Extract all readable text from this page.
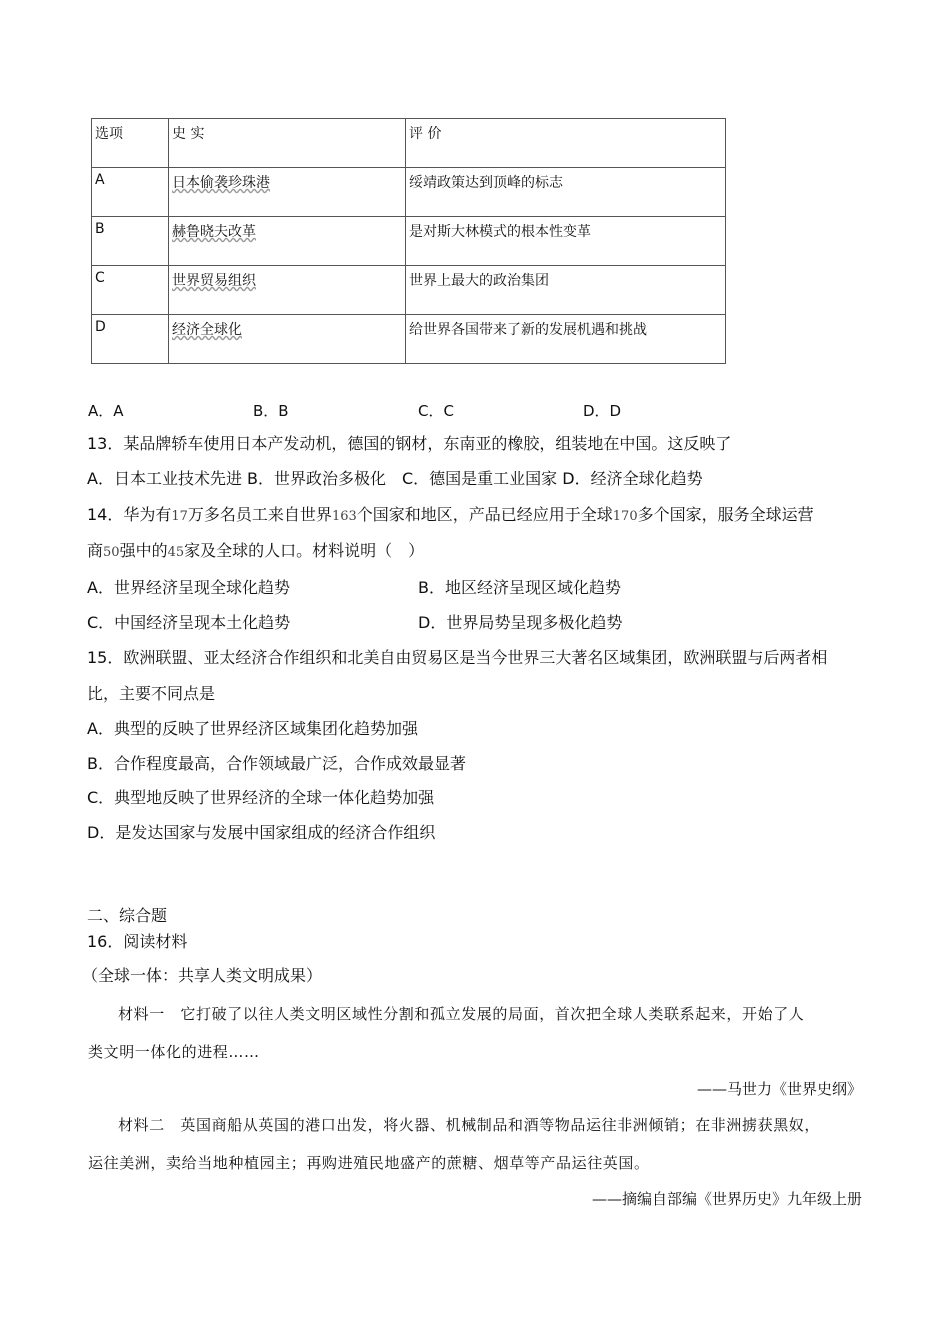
选项	史 实	评 价
A	日本偷袭珍珠港	绥靖政策达到顶峰的标志
B	赫鲁晓夫改革	是对斯大林模式的根本性变革
C	世界贸易组织	世界上最大的政治集团
D	经济全球化	给世界各国带来了新的发展机遇和挑战
A．A	B．B	C．C	D．D
13．某品牌轿车使用日本产发动机，德国的钢材，东南亚的橡胶，组装地在中国。这反映了
A．日本工业技术先进 B．世界政治多极化　C．德国是重工业国家 D．经济全球化趋势
14．华为有17万多名员工来自世界163个国家和地区，产品已经应用于全球170多个国家，服务全球运营
商50强中的45家及全球的人口。材料说明（　）
A．世界经济呈现全球化趋势	B．地区经济呈现区域化趋势
C．中国经济呈现本土化趋势	D．世界局势呈现多极化趋势
15．欧洲联盟、亚太经济合作组织和北美自由贸易区是当今世界三大著名区域集团，欧洲联盟与后两者相
比，主要不同点是
A．典型的反映了世界经济区域集团化趋势加强
B．合作程度最高，合作领域最广泛，合作成效最显著
C．典型地反映了世界经济的全球一体化趋势加强
D．是发达国家与发展中国家组成的经济合作组织
二、综合题
16．阅读材料
（全球一体：共享人类文明成果）
材料一　它打破了以往人类文明区域性分割和孤立发展的局面，首次把全球人类联系起来，开始了人
类文明一体化的进程……
——马世力《世界史纲》
材料二　英国商船从英国的港口出发，将火器、机械制品和酒等物品运往非洲倾销；在非洲掳获黑奴，
运往美洲，卖给当地种植园主；再购进殖民地盛产的蔗糖、烟草等产品运往英国。
——摘编自部编《世界历史》九年级上册
